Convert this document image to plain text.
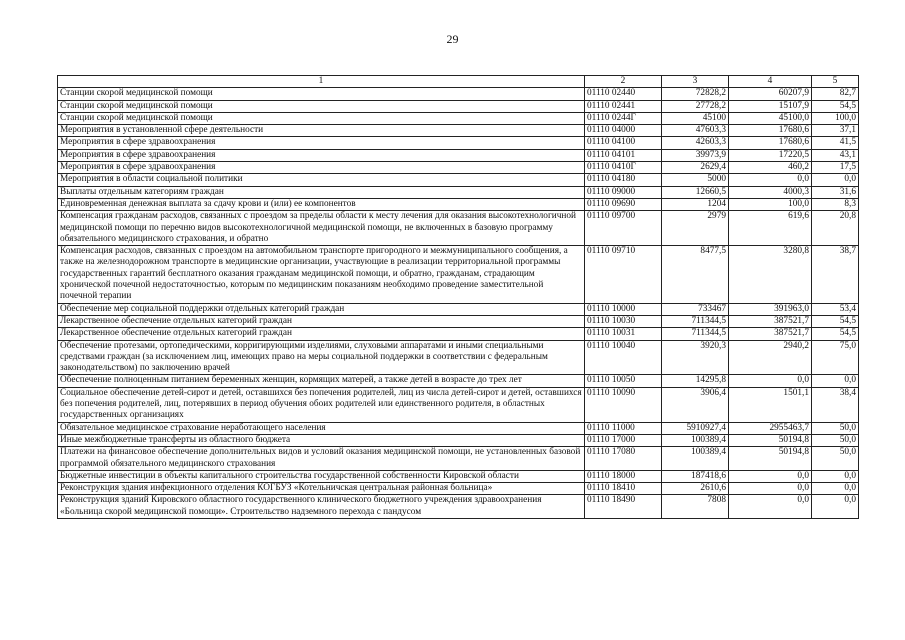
29
1	2	3	4	5
Станции скорой медицинской помощи	01110 02440	72828,2	60207,9	82,7
Станции скорой медицинской помощи	01110 02441	27728,2	15107,9	54,5
Станции скорой медицинской помощи	01110 0244Г	45100	45100,0	100,0
Мероприятия в установленной сфере деятельности	01110 04000	47603,3	17680,6	37,1
Мероприятия в сфере здравоохранения	01110 04100	42603,3	17680,6	41,5
Мероприятия в сфере здравоохранения	01110 04101	39973,9	17220,5	43,1
Мероприятия в сфере здравоохранения	01110 0410Г	2629,4	460,2	17,5
Мероприятия в области социальной политики	01110 04180	5000	0,0	0,0
Выплаты отдельным категориям граждан	01110 09000	12660,5	4000,3	31,6
Единовременная денежная выплата за сдачу крови и (или) ее компонентов	01110 09690	1204	100,0	8,3
Компенсация гражданам расходов, связанных с проездом за пределы области к месту лечения для оказания высокотехнологичной медицинской помощи по перечню видов высокотехнологичной медицинской помощи, не включенных в базовую программу обязательного медицинского страхования, и обратно	01110 09700	2979	619,6	20,8
Компенсация расходов, связанных с проездом на автомобильном транспорте пригородного и межмуниципального сообщения, а также на железнодорожном транспорте в медицинские организации, участвующие в реализации территориальной программы государственных гарантий бесплатного оказания гражданам медицинской помощи, и обратно, гражданам, страдающим хронической почечной недостаточностью, которым по медицинским показаниям необходимо проведение заместительной почечной терапии	01110 09710	8477,5	3280,8	38,7
Обеспечение мер социальной поддержки отдельных категорий граждан	01110 10000	733467	391963,0	53,4
Лекарственное обеспечение отдельных категорий граждан	01110 10030	711344,5	387521,7	54,5
Лекарственное обеспечение отдельных категорий граждан	01110 10031	711344,5	387521,7	54,5
Обеспечение протезами, ортопедическими, корригирующими изделиями, слуховыми аппаратами и иными специальными средствами граждан (за исключением лиц, имеющих право на меры социальной поддержки в соответствии с федеральным законодательством) по заключению врачей	01110 10040	3920,3	2940,2	75,0
Обеспечение полноценным питанием беременных женщин, кормящих матерей, а также детей в возрасте до трех лет	01110 10050	14295,8	0,0	0,0
Социальное обеспечение детей-сирот и детей, оставшихся без попечения родителей, лиц из числа детей-сирот и детей, оставшихся без попечения родителей, лиц, потерявших в период обучения обоих родителей или единственного родителя, в областных государственных организациях	01110 10090	3906,4	1501,1	38,4
Обязательное медицинское страхование неработающего населения	01110 11000	5910927,4	2955463,7	50,0
Иные межбюджетные трансферты из областного бюджета	01110 17000	100389,4	50194,8	50,0
Платежи на финансовое обеспечение дополнительных видов и условий оказания медицинской помощи, не установленных базовой программой обязательного медицинского страхования	01110 17080	100389,4	50194,8	50,0
Бюджетные инвестиции в объекты капитального строительства государственной собственности Кировской области	01110 18000	187418,6	0,0	0,0
Реконструкция здания инфекционного отделения КОГБУЗ «Котельничская центральная районная больница»	01110 18410	2610,6	0,0	0,0
Реконструкция зданий Кировского областного государственного клинического бюджетного учреждения здравоохранения «Больница скорой медицинской помощи». Строительство надземного перехода с пандусом	01110 18490	7808	0,0	0,0
